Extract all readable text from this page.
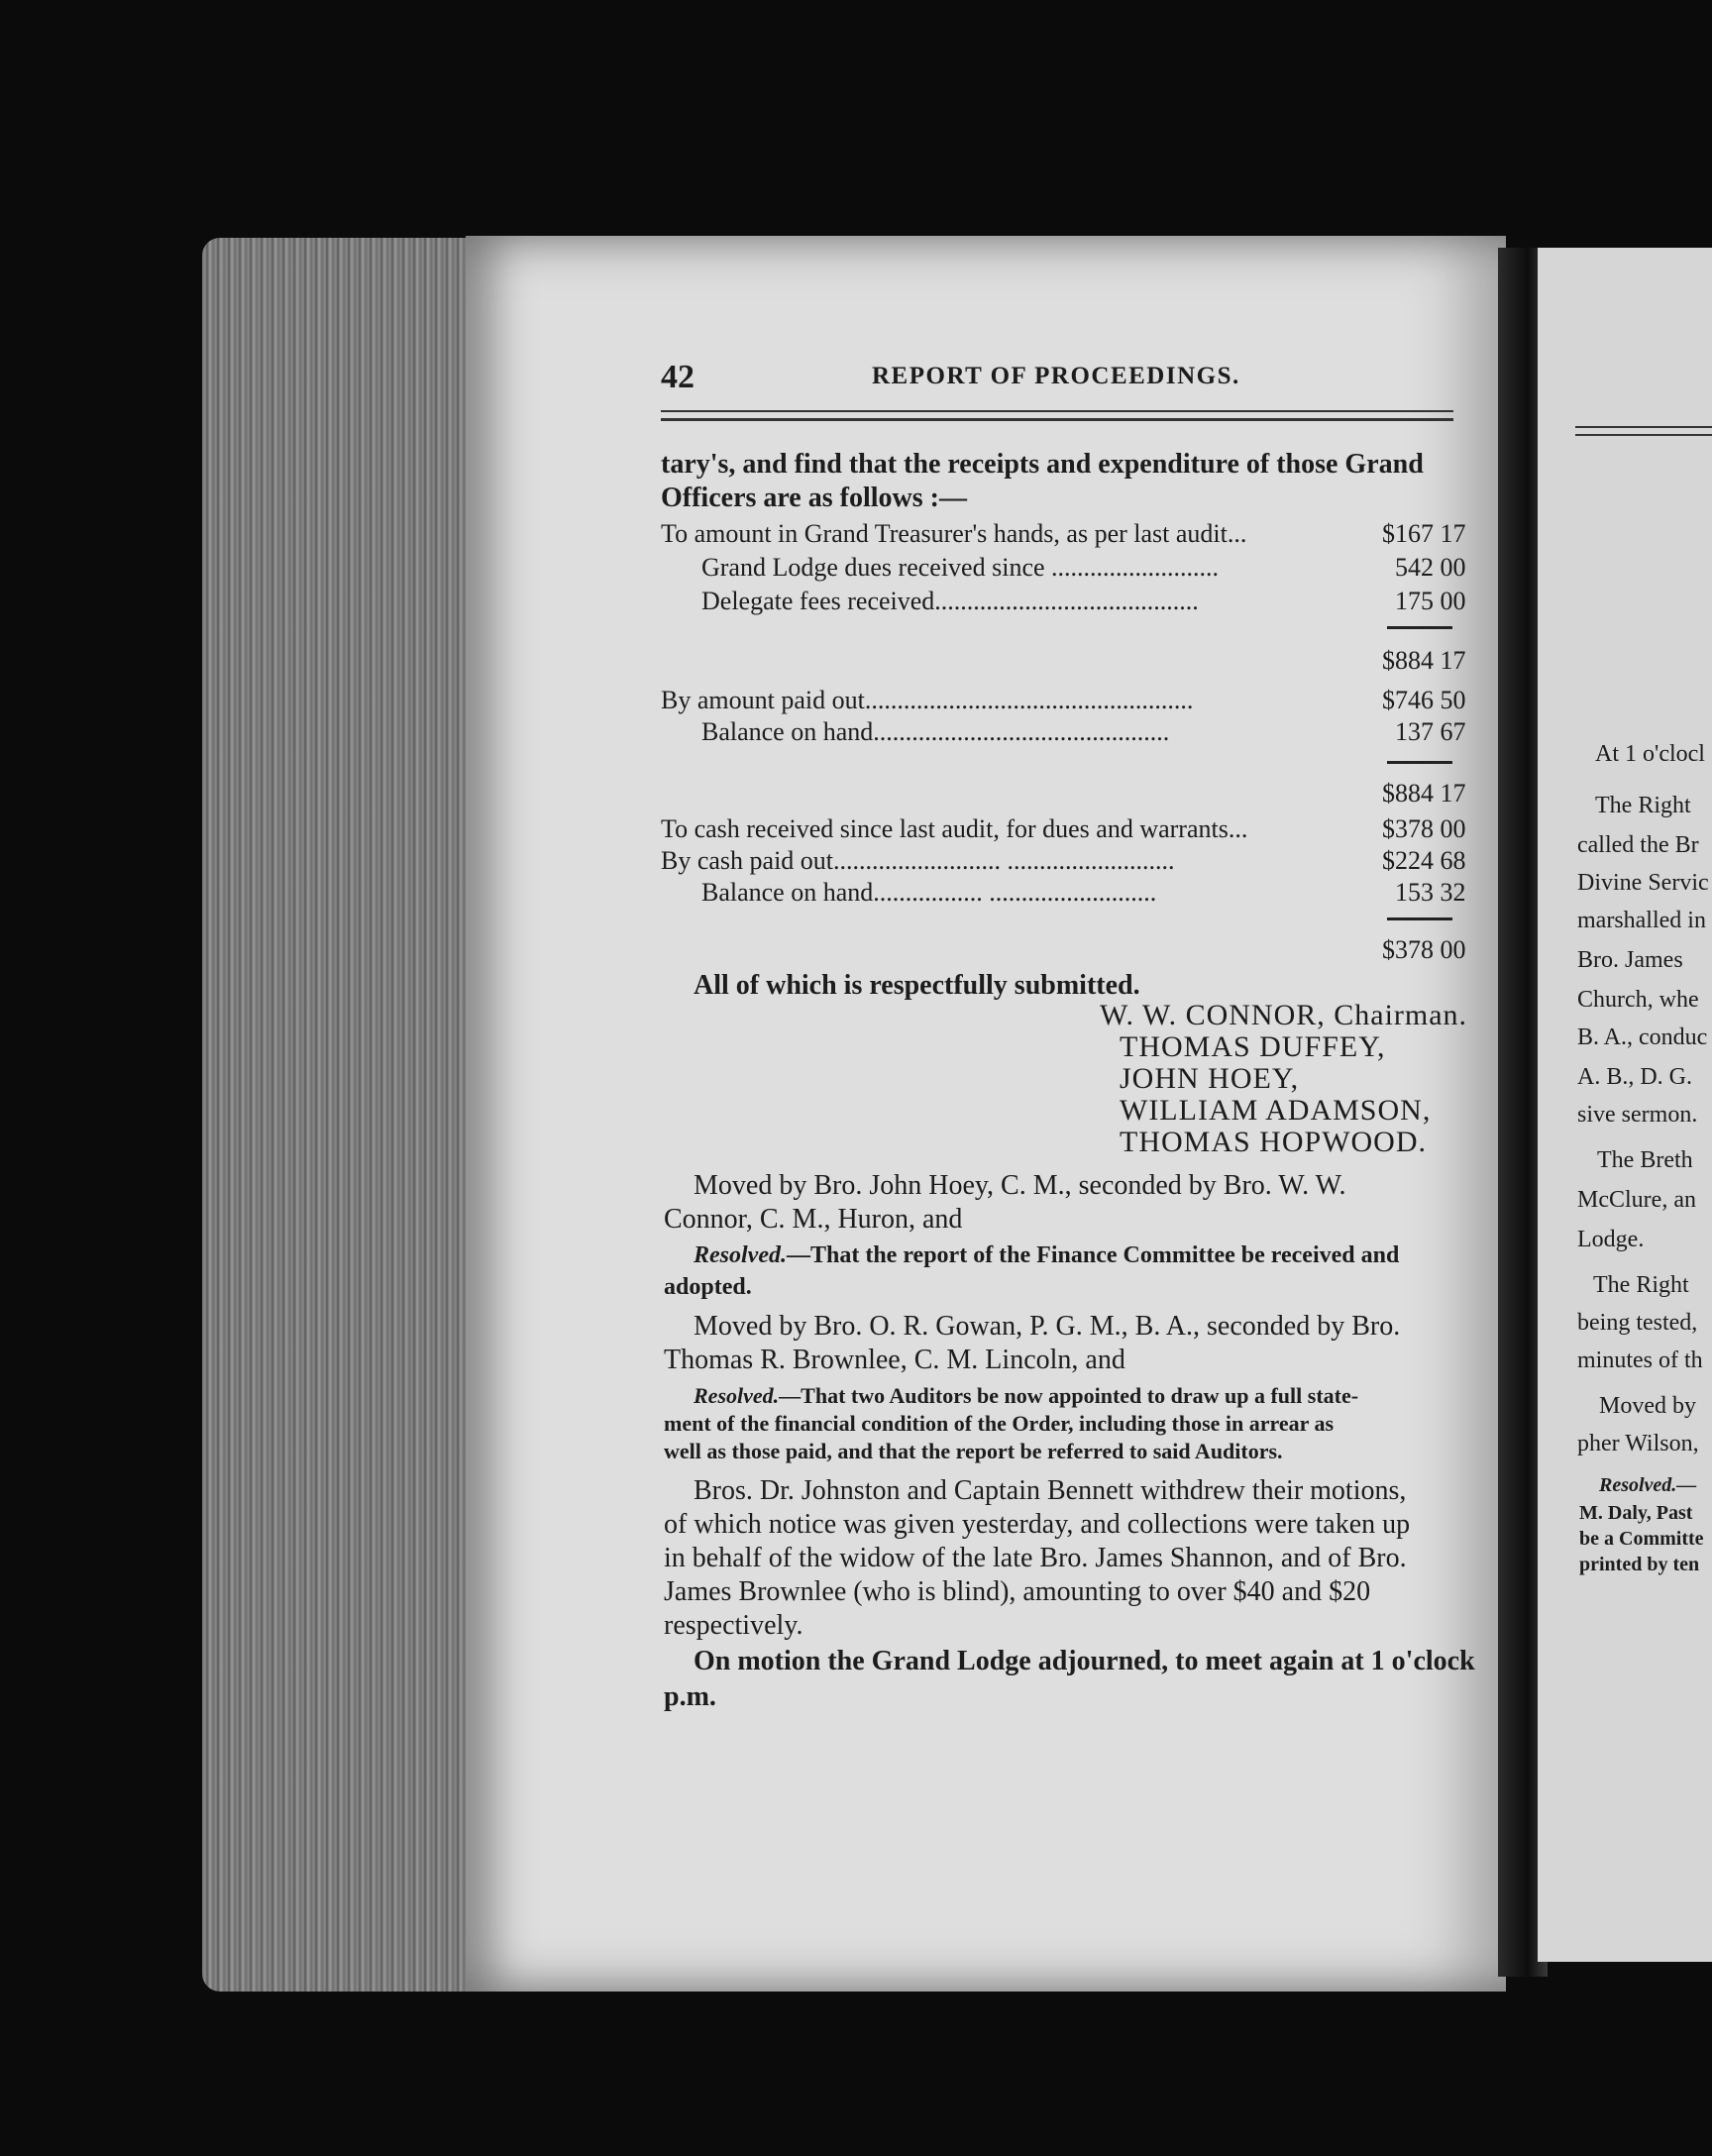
42	REPORT OF PROCEEDINGS.
tary's, and find that the receipts and expenditure of those Grand
Officers are as follows :—
To amount in Grand Treasurer's hands, as per last audit...	$167 17
Grand Lodge dues received since ..........................	542 00
Delegate fees received.........................................	175 00
$884 17
By amount paid out...................................................	$746 50
Balance on hand..............................................	137 67
$884 17
To cash received since last audit, for dues and warrants...	$378 00
By cash paid out.......................... ..........................	$224 68
Balance on hand................. ..........................	153 32
$378 00
All of which is respectfully submitted.
W. W. CONNOR, Chairman.
THOMAS DUFFEY,
JOHN HOEY,
WILLIAM ADAMSON,
THOMAS HOPWOOD.
Moved by Bro. John Hoey, C. M., seconded by Bro. W. W.
Connor, C. M., Huron, and
Resolved.—That the report of the Finance Committee be received and
adopted.
Moved by Bro. O. R. Gowan, P. G. M., B. A., seconded by Bro.
Thomas R. Brownlee, C. M. Lincoln, and
Resolved.—That two Auditors be now appointed to draw up a full state-
ment of the financial condition of the Order, including those in arrear as
well as those paid, and that the report be referred to said Auditors.
Bros. Dr. Johnston and Captain Bennett withdrew their motions,
of which notice was given yesterday, and collections were taken up
in behalf of the widow of the late Bro. James Shannon, and of Bro.
James Brownlee (who is blind), amounting to over $40 and $20
respectively.
On motion the Grand Lodge adjourned, to meet again at 1 o'clock
p.m.
At 1 o'clocl
The Right
called the Br
Divine Servic
marshalled in
Bro. James
Church, whe
B. A., conduc
A. B., D. G.
sive sermon.
The Breth
McClure, an
Lodge.
The Right
being tested,
minutes of th
Moved by
pher Wilson,
Resolved.—
M. Daly, Past
be a Committe
printed by ten
